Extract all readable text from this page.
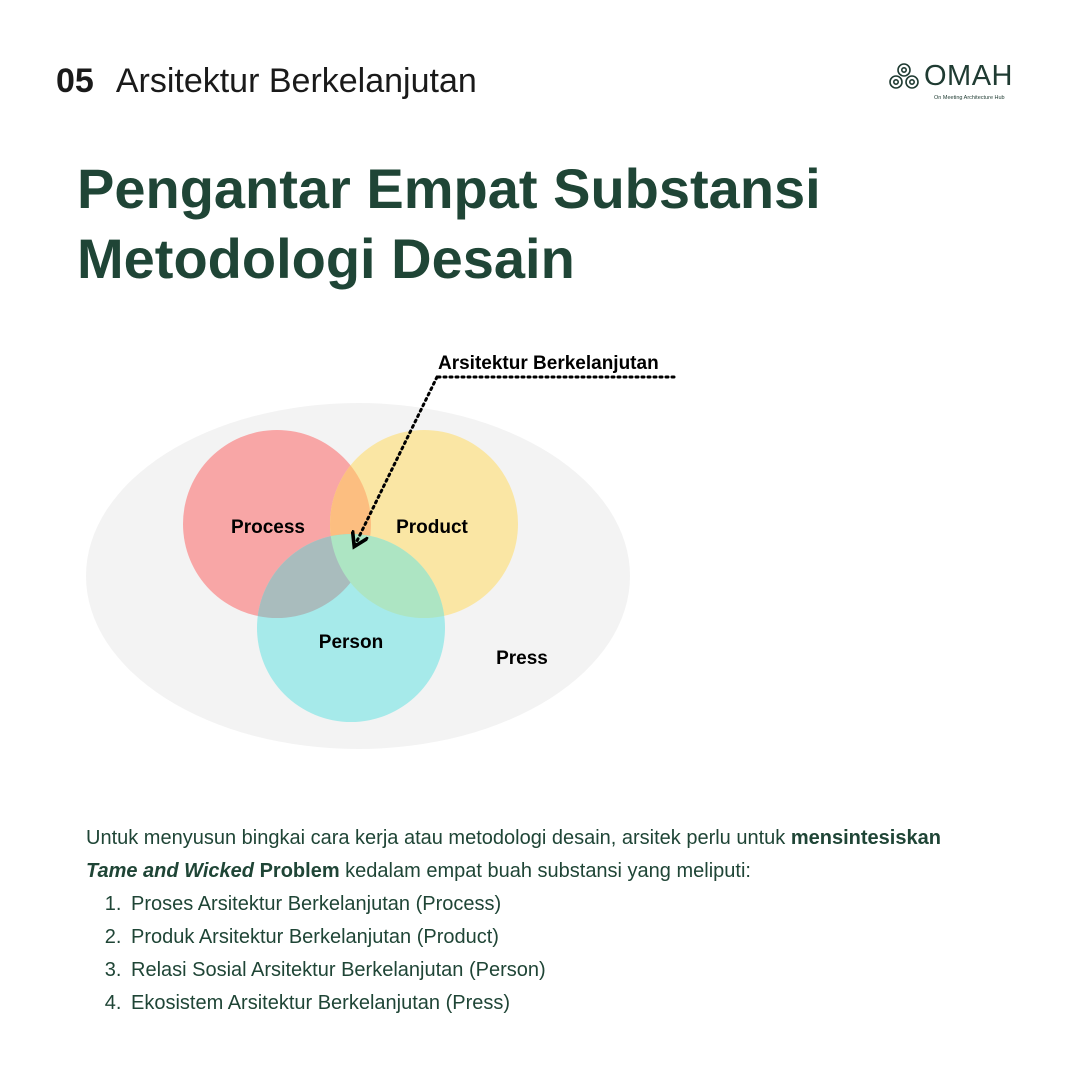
05 Arsitektur Berkelanjutan	OMAH
On Meeting Architecture Hub
Pengantar Empat Substansi
Metodologi Desain
Process	Product
Person
Press
Arsitektur Berkelanjutan

Untuk menyusun bingkai cara kerja atau metodologi desain, arsitek perlu untuk mensintesiskan
Tame and Wicked Problem kedalam empat buah substansi yang meliputi:

1. Proses Arsitektur Berkelanjutan (Process)
2. Produk Arsitektur Berkelanjutan (Product)
3. Relasi Sosial Arsitektur Berkelanjutan (Person)
4. Ekosistem Arsitektur Berkelanjutan (Press)
